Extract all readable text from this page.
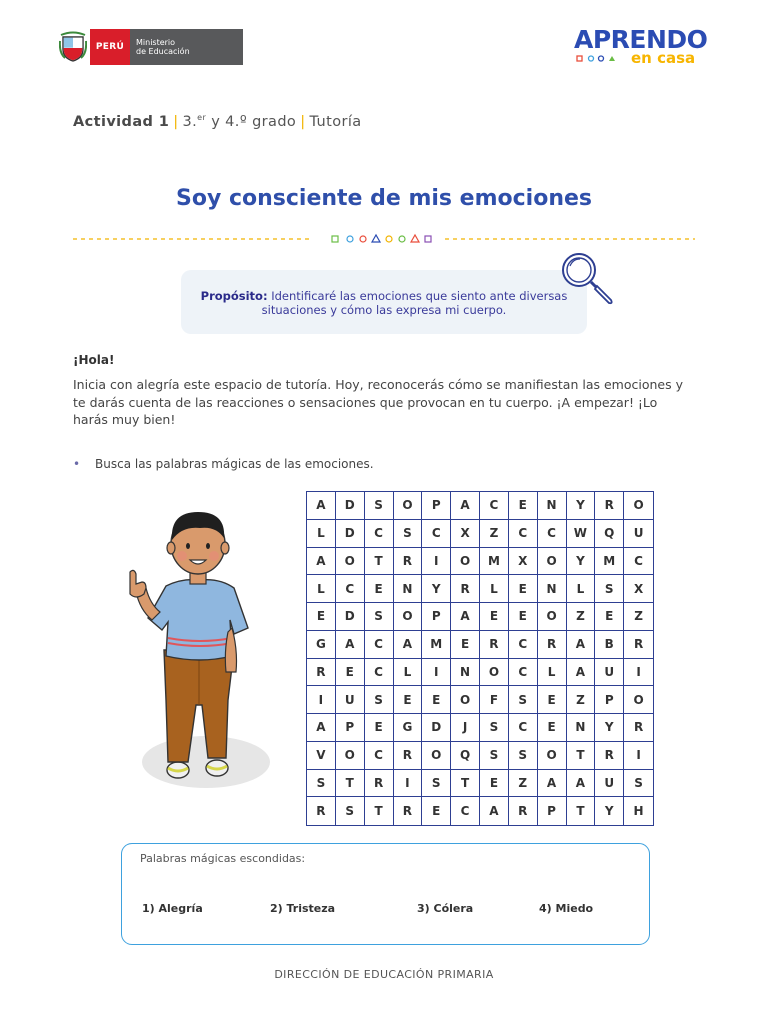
PERÚ	Ministerio
de Educación	APRENDO
en casa
Actividad 1 | 3.$^{er}$ y 4.º grado | Tutoría
Soy consciente de mis emociones
Propósito: Identificaré las emociones que siento ante diversas situaciones y cómo las expresa mi cuerpo.
¡Hola!
Inicia con alegría este espacio de tutoría. Hoy, reconocerás cómo se manifiestan las emociones y te darás cuenta de las reacciones o sensaciones que provocan en tu cuerpo. ¡A empezar! ¡Lo harás muy bien!
• Busca las palabras mágicas de las emociones.
A	D	S	O	P	A	C	E	N	Y	R	O
L	D	C	S	C	X	Z	C	C	W	Q	U
A	O	T	R	I	O	M	X	O	Y	M	C
L	C	E	N	Y	R	L	E	N	L	S	X
E	D	S	O	P	A	E	E	O	Z	E	Z
G	A	C	A	M	E	R	C	R	A	B	R
R	E	C	L	I	N	O	C	L	A	U	I
I	U	S	E	E	O	F	S	E	Z	P	O
A	P	E	G	D	J	S	C	E	N	Y	R
V	O	C	R	O	Q	S	S	O	T	R	I
S	T	R	I	S	T	E	Z	A	A	U	S
R	S	T	R	E	C	A	R	P	T	Y	H
Palabras mágicas escondidas:
1) Alegría	2) Tristeza	3) Cólera	4) Miedo
DIRECCIÓN DE EDUCACIÓN PRIMARIA
